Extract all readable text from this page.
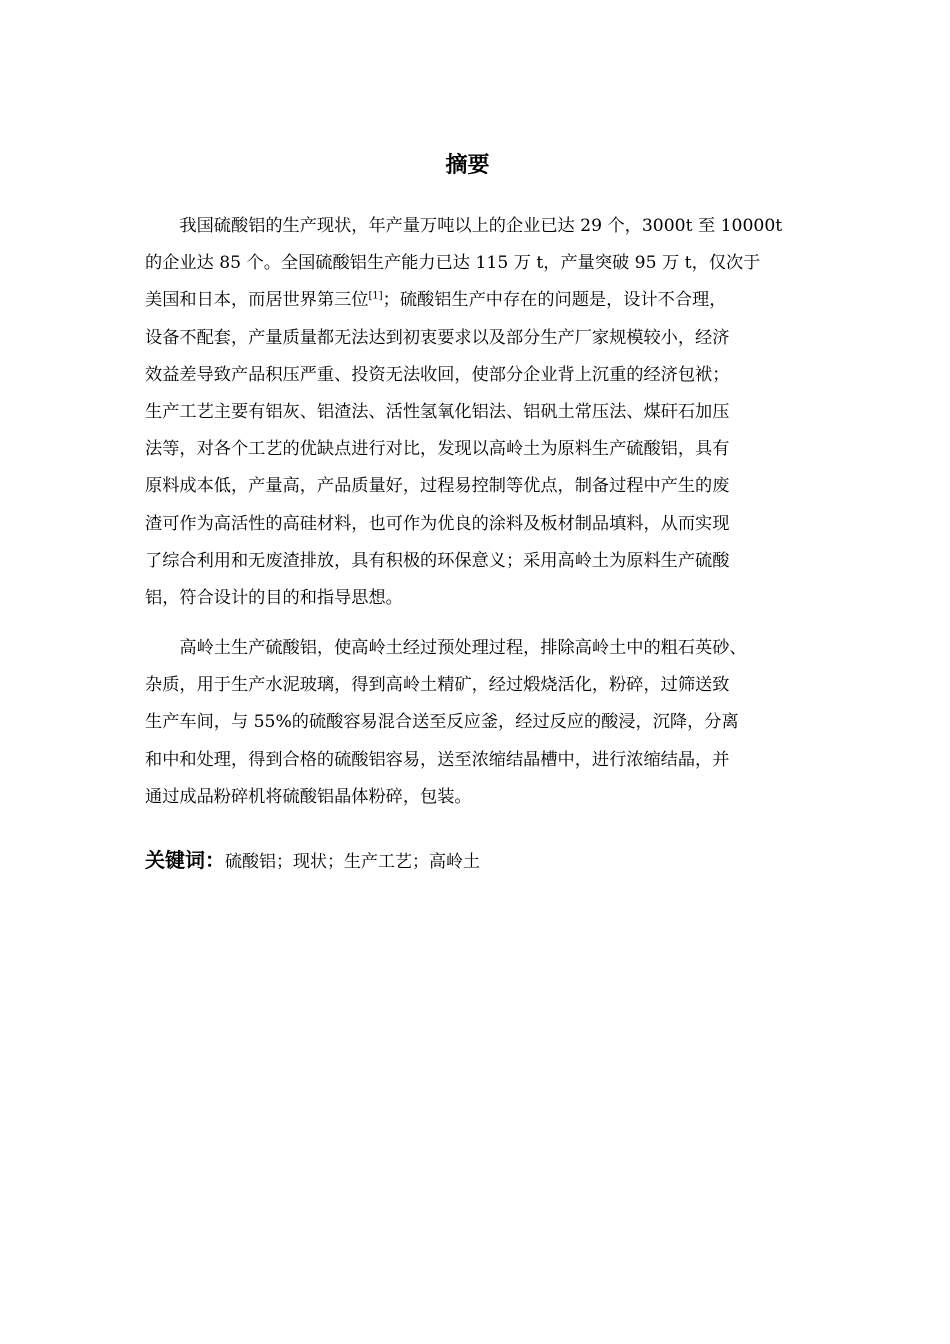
摘要
　　我国硫酸铝的生产现状，年产量万吨以上的企业已达 29 个，3000t 至 10000t
的企业达 85 个。全国硫酸铝生产能力已达 115 万 t，产量突破 95 万 t，仅次于
美国和日本，而居世界第三位[1]；硫酸铝生产中存在的问题是，设计不合理，
设备不配套，产量质量都无法达到初衷要求以及部分生产厂家规模较小，经济
效益差导致产品积压严重、投资无法收回，使部分企业背上沉重的经济包袱；
生产工艺主要有铝灰、铝渣法、活性氢氧化铝法、铝矾土常压法、煤矸石加压
法等，对各个工艺的优缺点进行对比，发现以高岭土为原料生产硫酸铝，具有
原料成本低，产量高，产品质量好，过程易控制等优点，制备过程中产生的废
渣可作为高活性的高硅材料，也可作为优良的涂料及板材制品填料，从而实现
了综合利用和无废渣排放，具有积极的环保意义；采用高岭土为原料生产硫酸
铝，符合设计的目的和指导思想。
　　高岭土生产硫酸铝，使高岭土经过预处理过程，排除高岭土中的粗石英砂、
杂质，用于生产水泥玻璃，得到高岭土精矿，经过煅烧活化，粉碎，过筛送致
生产车间，与 55%的硫酸容易混合送至反应釜，经过反应的酸浸，沉降，分离
和中和处理，得到合格的硫酸铝容易，送至浓缩结晶槽中，进行浓缩结晶，并
通过成品粉碎机将硫酸铝晶体粉碎，包装。
关键词：硫酸铝；现状；生产工艺；高岭土
